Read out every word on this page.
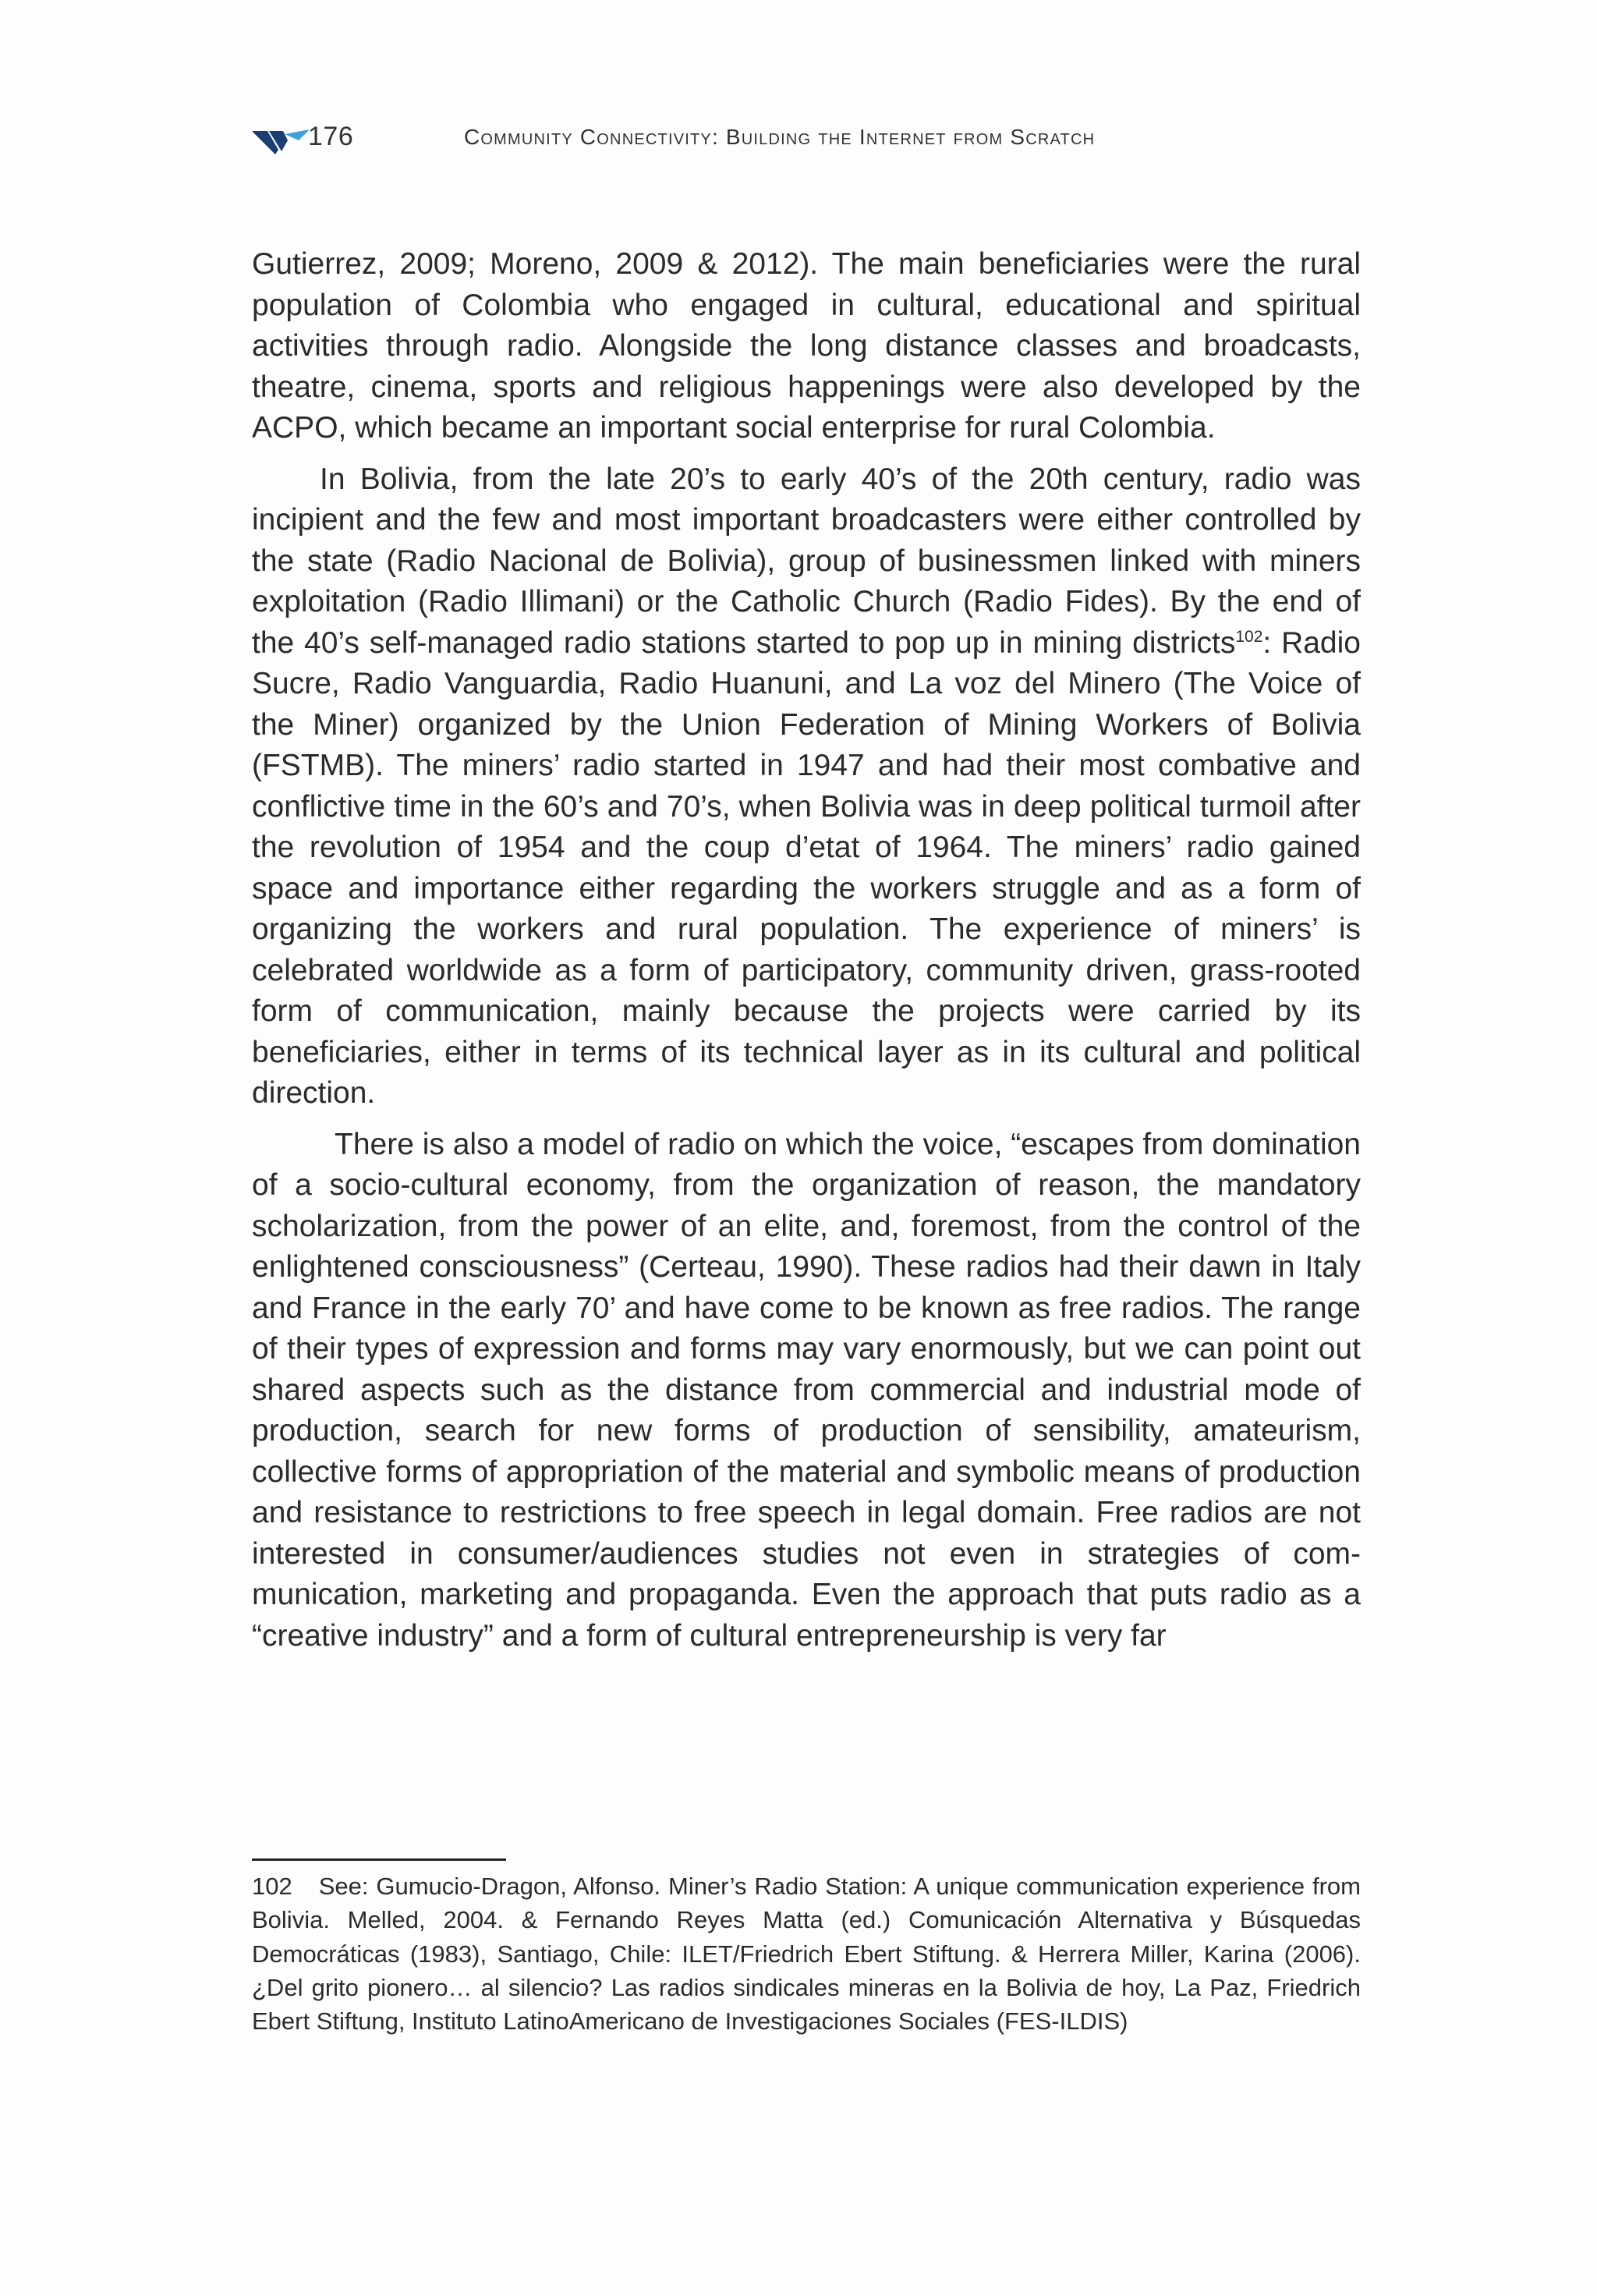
176	Community Connectivity: Building the Internet from Scratch

Gutierrez, 2009; Moreno, 2009 & 2012). The main beneficiaries were the rural population of Colombia who engaged in cultural, educational and spiritual activities through radio. Alongside the long distance classes and broadcasts, theatre, cinema, sports and religious happenings were also developed by the ACPO, which became an important social enterprise for rural Colombia.

In Bolivia, from the late 20’s to early 40’s of the 20th century, radio was incipient and the few and most important broadcasters were either controlled by the state (Radio Nacional de Bolivia), group of businessmen linked with miners exploitation (Radio Illimani) or the Catholic Church (Radio Fides). By the end of the 40’s self-managed radio stations started to pop up in mining districts$^{102}$: Radio Sucre, Radio Vanguardia, Radio Huanuni, and La voz del Minero (The Voice of the Miner) organized by the Union Federation of Mining Workers of Bolivia (FSTMB). The miners’ radio started in 1947 and had their most combative and conflictive time in the 60’s and 70’s, when Bolivia was in deep political turmoil after the revolution of 1954 and the coup d’etat of 1964. The miners’ radio gained space and importance either regarding the workers struggle and as a form of organizing the workers and rural population. The experience of miners’ is celebrated worldwide as a form of participatory, community driven, grass-rooted form of communication, mainly because the projects were carried by its beneficiaries, either in terms of its technical layer as in its cultural and political direction.

There is also a model of radio on which the voice, “escapes from domination of a socio-cultural economy, from the organization of reason, the mandatory scholarization, from the power of an elite, and, foremost, from the control of the enlightened consciousness” (Certeau, 1990). These radios had their dawn in Italy and France in the early 70’ and have come to be known as free radios. The range of their types of expression and forms may vary enormously, but we can point out shared aspects such as the distance from commercial and industrial mode of production, search for new forms of production of sensibility, amateurism, collective forms of appropriation of the material and symbolic means of production and resistance to restrictions to free speech in legal domain. Free radios are not interested in consumer/audiences studies not even in strategies of communication, marketing and propaganda. Even the approach that puts radio as a “creative industry” and a form of cultural entrepreneurship is very far

102 See: Gumucio-Dragon, Alfonso. Miner’s Radio Station: A unique communication experience from Bolivia. Melled, 2004. & Fernando Reyes Matta (ed.) Comunicación Alternativa y Búsquedas Democráticas (1983), Santiago, Chile: ILET/Friedrich Ebert Stiftung. & Herrera Miller, Karina (2006). ¿Del grito pionero… al silencio? Las radios sindicales mineras en la Bolivia de hoy, La Paz, Friedrich Ebert Stiftung, Instituto LatinoAmericano de Investigaciones Sociales (FES-ILDIS)
